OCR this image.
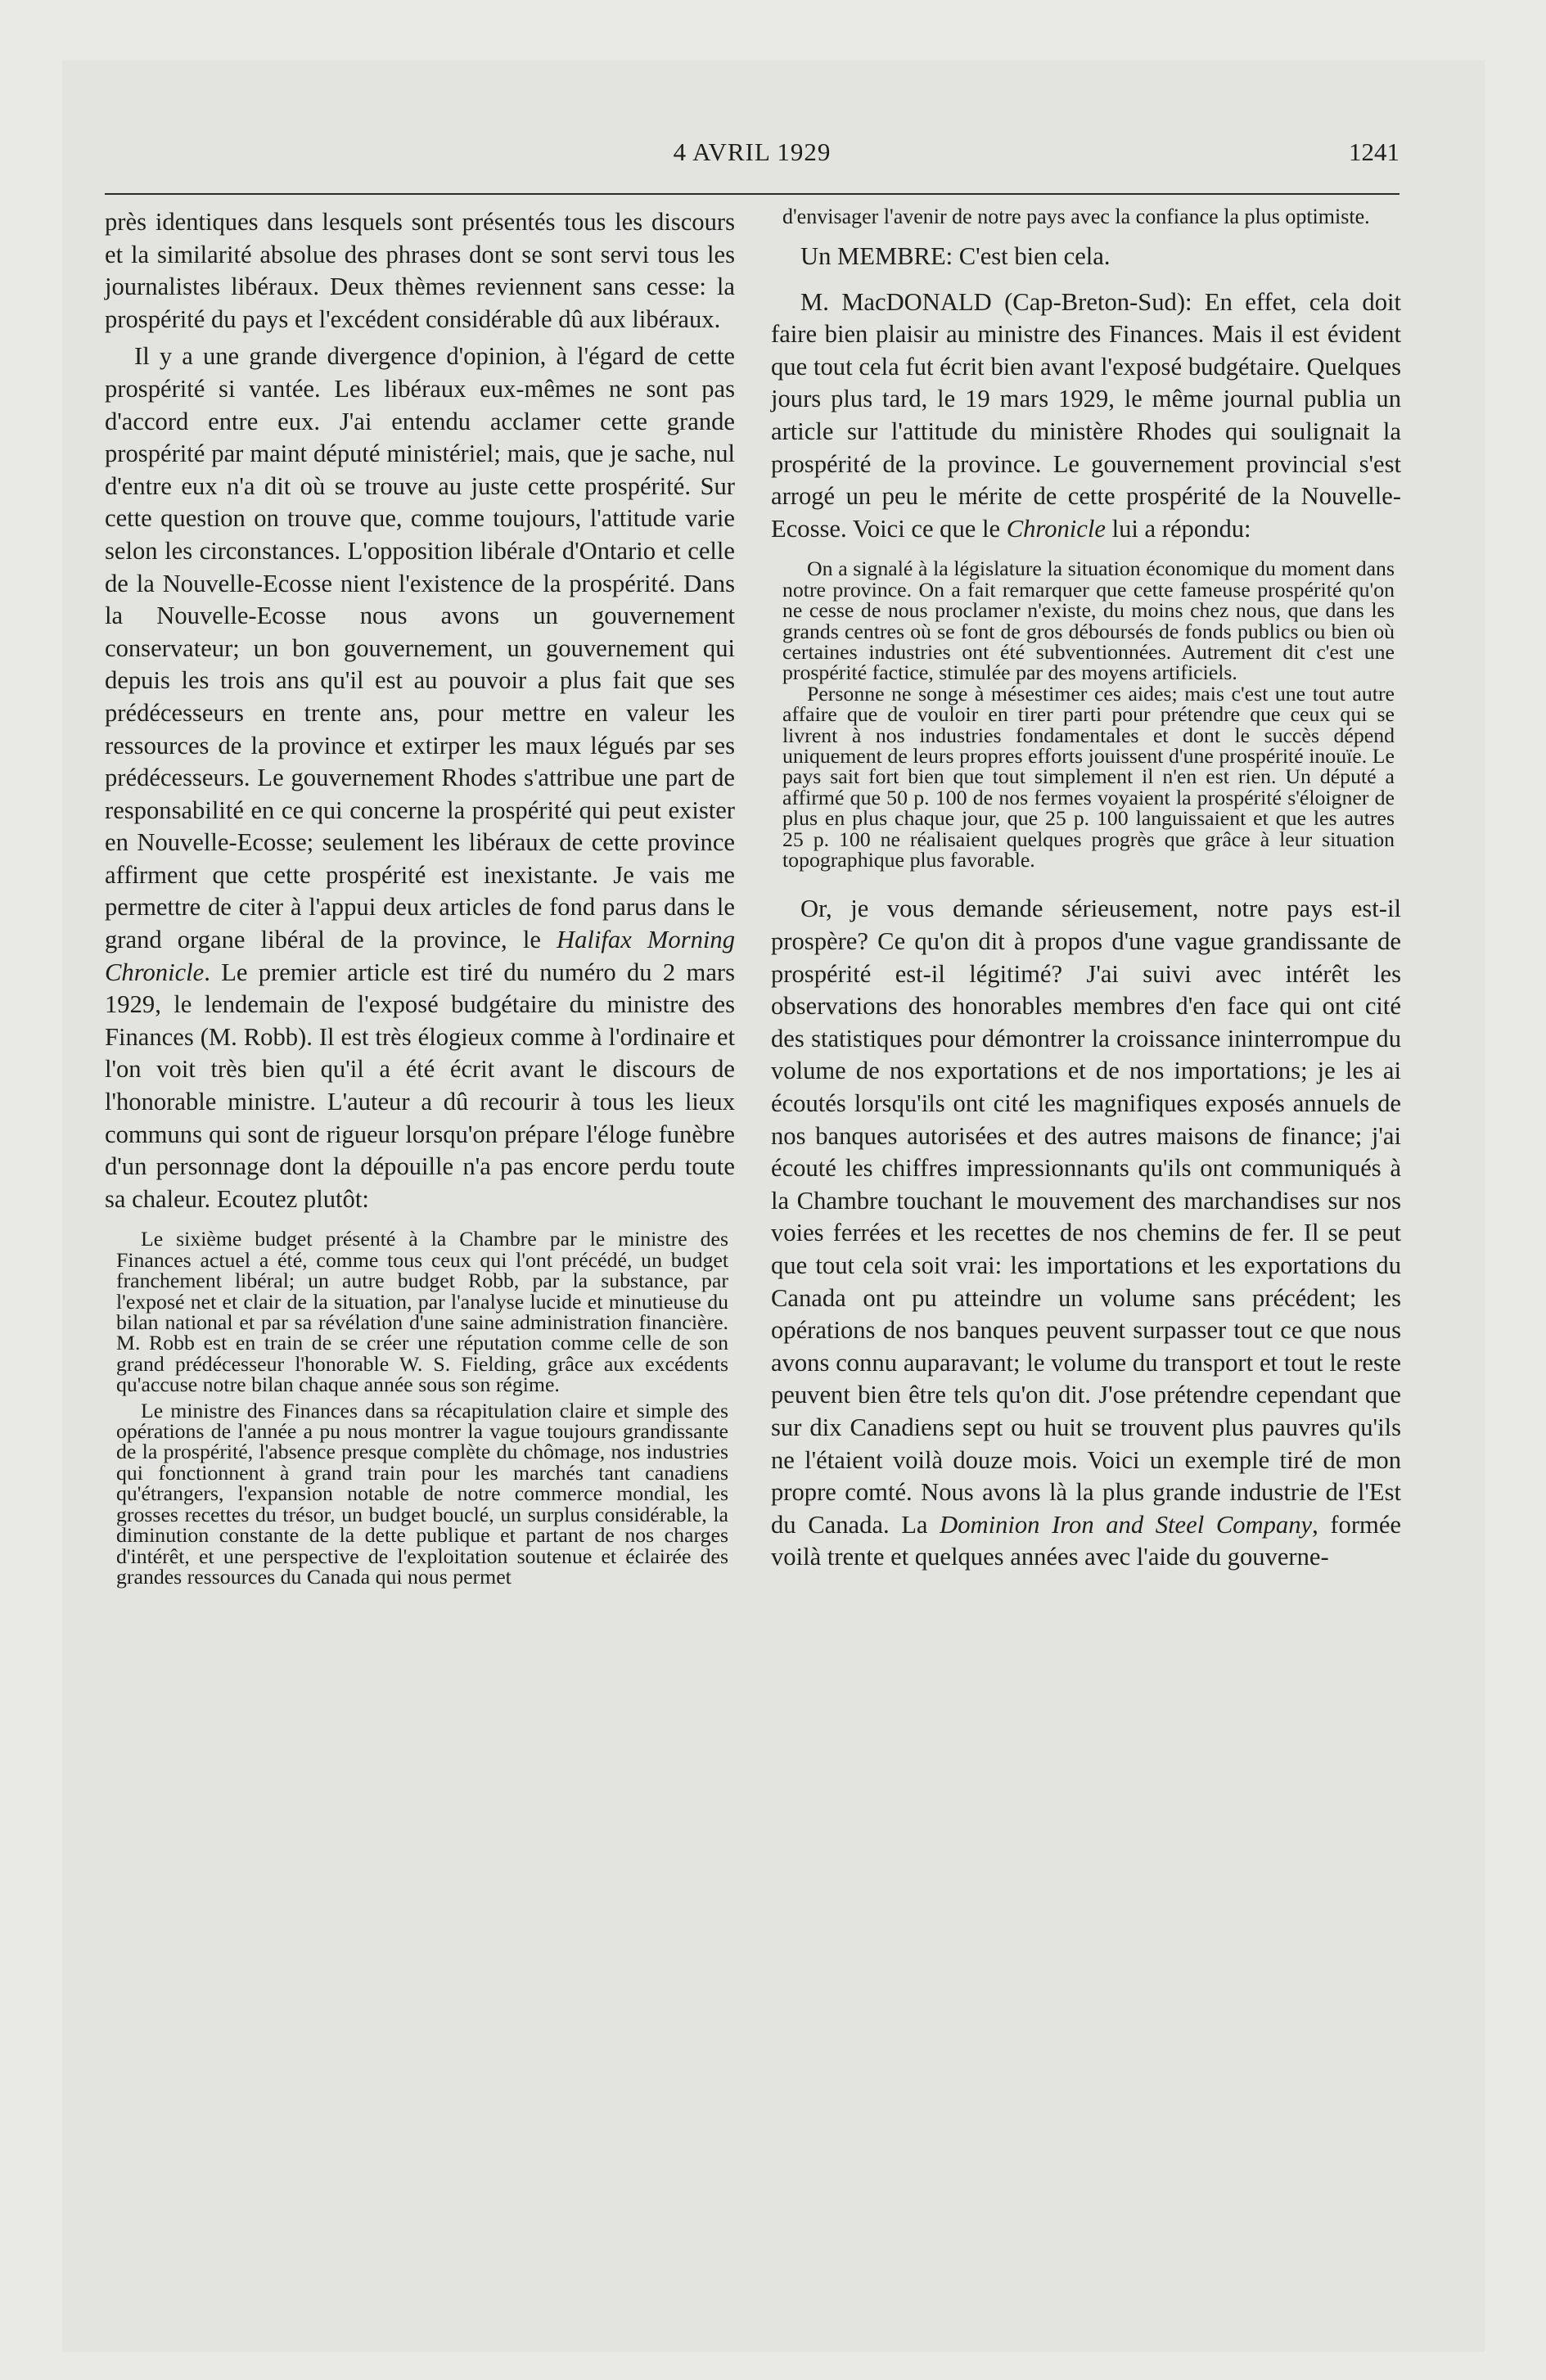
4 AVRIL 1929	1241

près identiques dans lesquels sont présentés tous les discours et la similarité absolue des phrases dont se sont servi tous les journalistes libéraux. Deux thèmes reviennent sans cesse: la prospérité du pays et l'excédent considérable dû aux libéraux.

Il y a une grande divergence d'opinion, à l'égard de cette prospérité si vantée. Les libéraux eux-mêmes ne sont pas d'accord entre eux. J'ai entendu acclamer cette grande prospérité par maint député ministériel; mais, que je sache, nul d'entre eux n'a dit où se trouve au juste cette prospérité. Sur cette question on trouve que, comme toujours, l'attitude varie selon les circonstances. L'opposition libérale d'Ontario et celle de la Nouvelle-Ecosse nient l'existence de la prospérité. Dans la Nouvelle-Ecosse nous avons un gouvernement conservateur; un bon gouvernement, un gouvernement qui depuis les trois ans qu'il est au pouvoir a plus fait que ses prédécesseurs en trente ans, pour mettre en valeur les ressources de la province et extirper les maux légués par ses prédécesseurs. Le gouvernement Rhodes s'attribue une part de responsabilité en ce qui concerne la prospérité qui peut exister en Nouvelle-Ecosse; seulement les libéraux de cette province affirment que cette prospérité est inexistante. Je vais me permettre de citer à l'appui deux articles de fond parus dans le grand organe libéral de la province, le Halifax Morning Chronicle. Le premier article est tiré du numéro du 2 mars 1929, le lendemain de l'exposé budgétaire du ministre des Finances (M. Robb). Il est très élogieux comme à l'ordinaire et l'on voit très bien qu'il a été écrit avant le discours de l'honorable ministre. L'auteur a dû recourir à tous les lieux communs qui sont de rigueur lorsqu'on prépare l'éloge funèbre d'un personnage dont la dépouille n'a pas encore perdu toute sa chaleur. Ecoutez plutôt:

Le sixième budget présenté à la Chambre par le ministre des Finances actuel a été, comme tous ceux qui l'ont précédé, un budget franchement libéral; un autre budget Robb, par la substance, par l'exposé net et clair de la situation, par l'analyse lucide et minutieuse du bilan national et par sa révélation d'une saine administration financière. M. Robb est en train de se créer une réputation comme celle de son grand prédécesseur l'honorable W. S. Fielding, grâce aux excédents qu'accuse notre bilan chaque année sous son régime.

Le ministre des Finances dans sa récapitulation claire et simple des opérations de l'année a pu nous montrer la vague toujours grandissante de la prospérité, l'absence presque complète du chômage, nos industries qui fonctionnent à grand train pour les marchés tant canadiens qu'étrangers, l'expansion notable de notre commerce mondial, les grosses recettes du trésor, un budget bouclé, un surplus considérable, la diminution constante de la dette publique et partant de nos charges d'intérêt, et une perspective de l'exploitation soutenue et éclairée des grandes ressources du Canada qui nous permet

d'envisager l'avenir de notre pays avec la confiance la plus optimiste.

Un MEMBRE: C'est bien cela.

M. MacDONALD (Cap-Breton-Sud): En effet, cela doit faire bien plaisir au ministre des Finances. Mais il est évident que tout cela fut écrit bien avant l'exposé budgétaire. Quelques jours plus tard, le 19 mars 1929, le même journal publia un article sur l'attitude du ministère Rhodes qui soulignait la prospérité de la province. Le gouvernement provincial s'est arrogé un peu le mérite de cette prospérité de la Nouvelle-Ecosse. Voici ce que le Chronicle lui a répondu:

On a signalé à la législature la situation économique du moment dans notre province. On a fait remarquer que cette fameuse prospérité qu'on ne cesse de nous proclamer n'existe, du moins chez nous, que dans les grands centres où se font de gros déboursés de fonds publics ou bien où certaines industries ont été subventionnées. Autrement dit c'est une prospérité factice, stimulée par des moyens artificiels.

Personne ne songe à mésestimer ces aides; mais c'est une tout autre affaire que de vouloir en tirer parti pour prétendre que ceux qui se livrent à nos industries fondamentales et dont le succès dépend uniquement de leurs propres efforts jouissent d'une prospérité inouïe. Le pays sait fort bien que tout simplement il n'en est rien. Un député a affirmé que 50 p. 100 de nos fermes voyaient la prospérité s'éloigner de plus en plus chaque jour, que 25 p. 100 languissaient et que les autres 25 p. 100 ne réalisaient quelques progrès que grâce à leur situation topographique plus favorable.

Or, je vous demande sérieusement, notre pays est-il prospère? Ce qu'on dit à propos d'une vague grandissante de prospérité est-il légitimé? J'ai suivi avec intérêt les observations des honorables membres d'en face qui ont cité des statistiques pour démontrer la croissance ininterrompue du volume de nos exportations et de nos importations; je les ai écoutés lorsqu'ils ont cité les magnifiques exposés annuels de nos banques autorisées et des autres maisons de finance; j'ai écouté les chiffres impressionnants qu'ils ont communiqués à la Chambre touchant le mouvement des marchandises sur nos voies ferrées et les recettes de nos chemins de fer. Il se peut que tout cela soit vrai: les importations et les exportations du Canada ont pu atteindre un volume sans précédent; les opérations de nos banques peuvent surpasser tout ce que nous avons connu auparavant; le volume du transport et tout le reste peuvent bien être tels qu'on dit. J'ose prétendre cependant que sur dix Canadiens sept ou huit se trouvent plus pauvres qu'ils ne l'étaient voilà douze mois. Voici un exemple tiré de mon propre comté. Nous avons là la plus grande industrie de l'Est du Canada. La Dominion Iron and Steel Company, formée voilà trente et quelques années avec l'aide du gouverne-
